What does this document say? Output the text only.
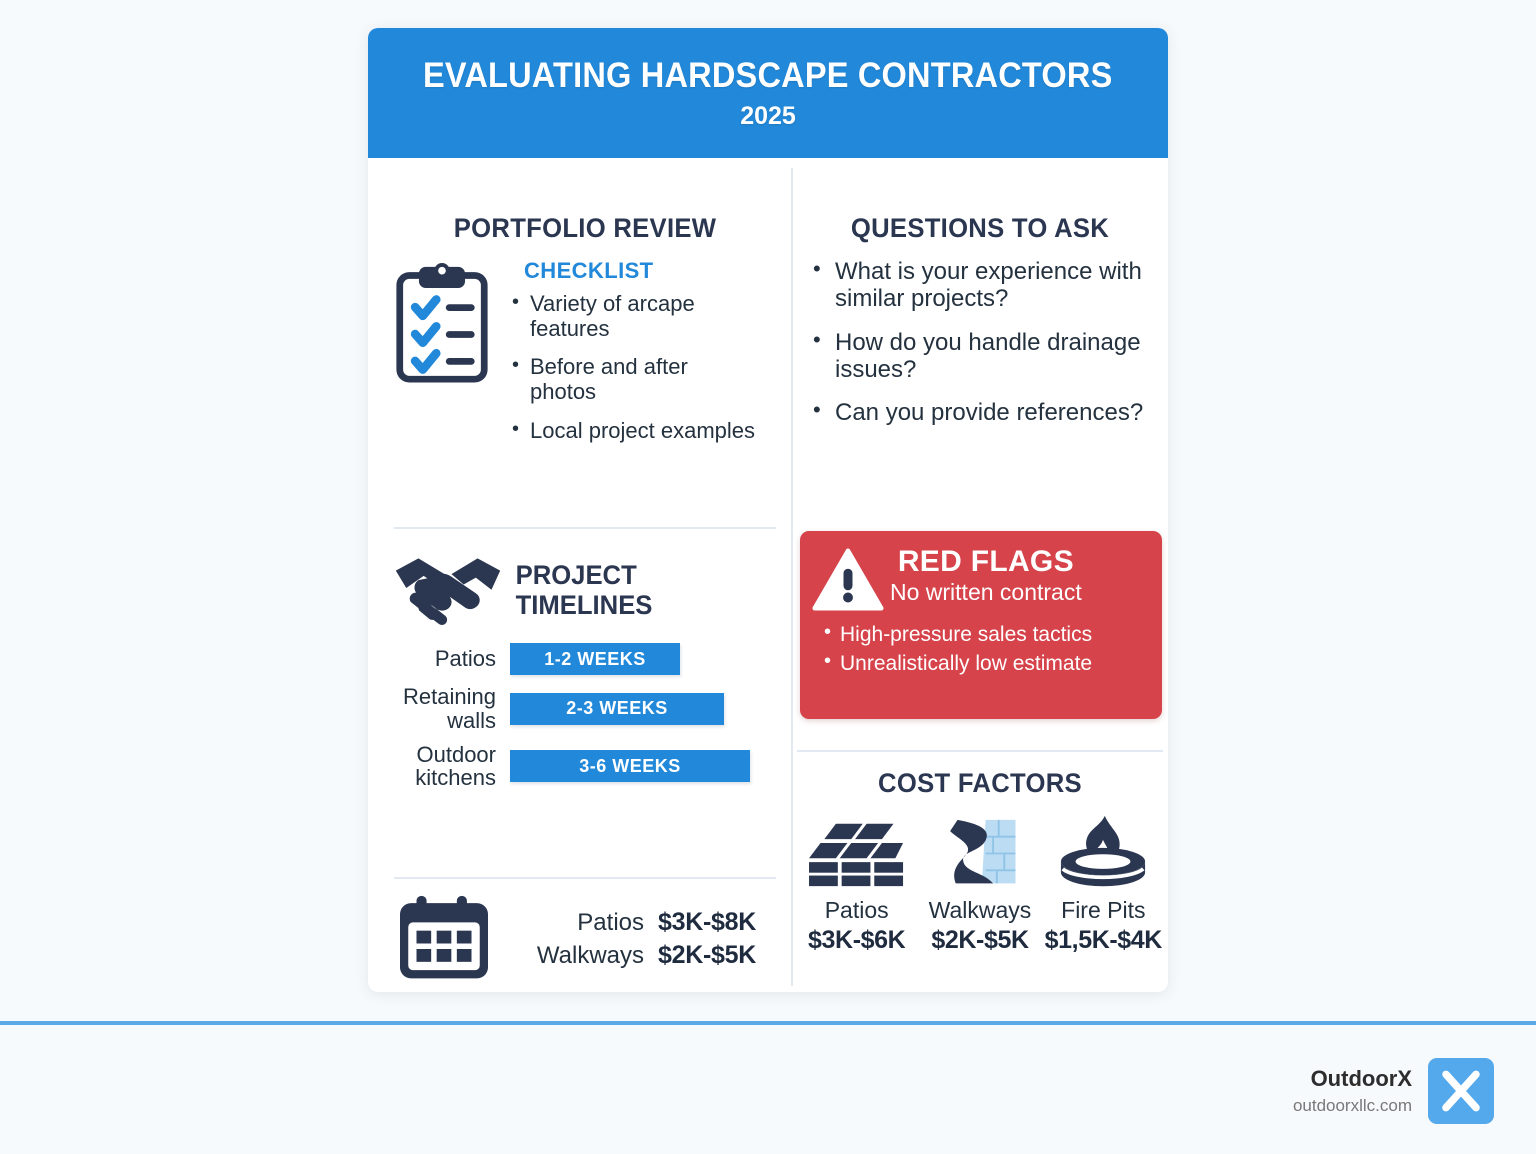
EVALUATING HARDSCAPE CONTRACTORS
2025
PORTFOLIO REVIEW
CHECKLIST
• Variety of arcape features
• Before and after photos
• Local project examples
PROJECT
TIMELINES
Patios	1-2 WEEKS
Retaining walls	2-3 WEEKS
Outdoor kitchens	3-6 WEEKS
Patios $3K-$8K
Walkways $2K-$5K
QUESTIONS TO ASK
• What is your experience with similar projects?
• How do you handle drainage issues?
• Can you provide references?
RED FLAGS
No written contract
• High-pressure sales tactics
• Unrealistically low estimate
COST FACTORS
Patios
$3K-$6K
Walkways
$2K-$5K
Fire Pits
$1,5K-$4K
OutdoorX
outdoorxllc.com
